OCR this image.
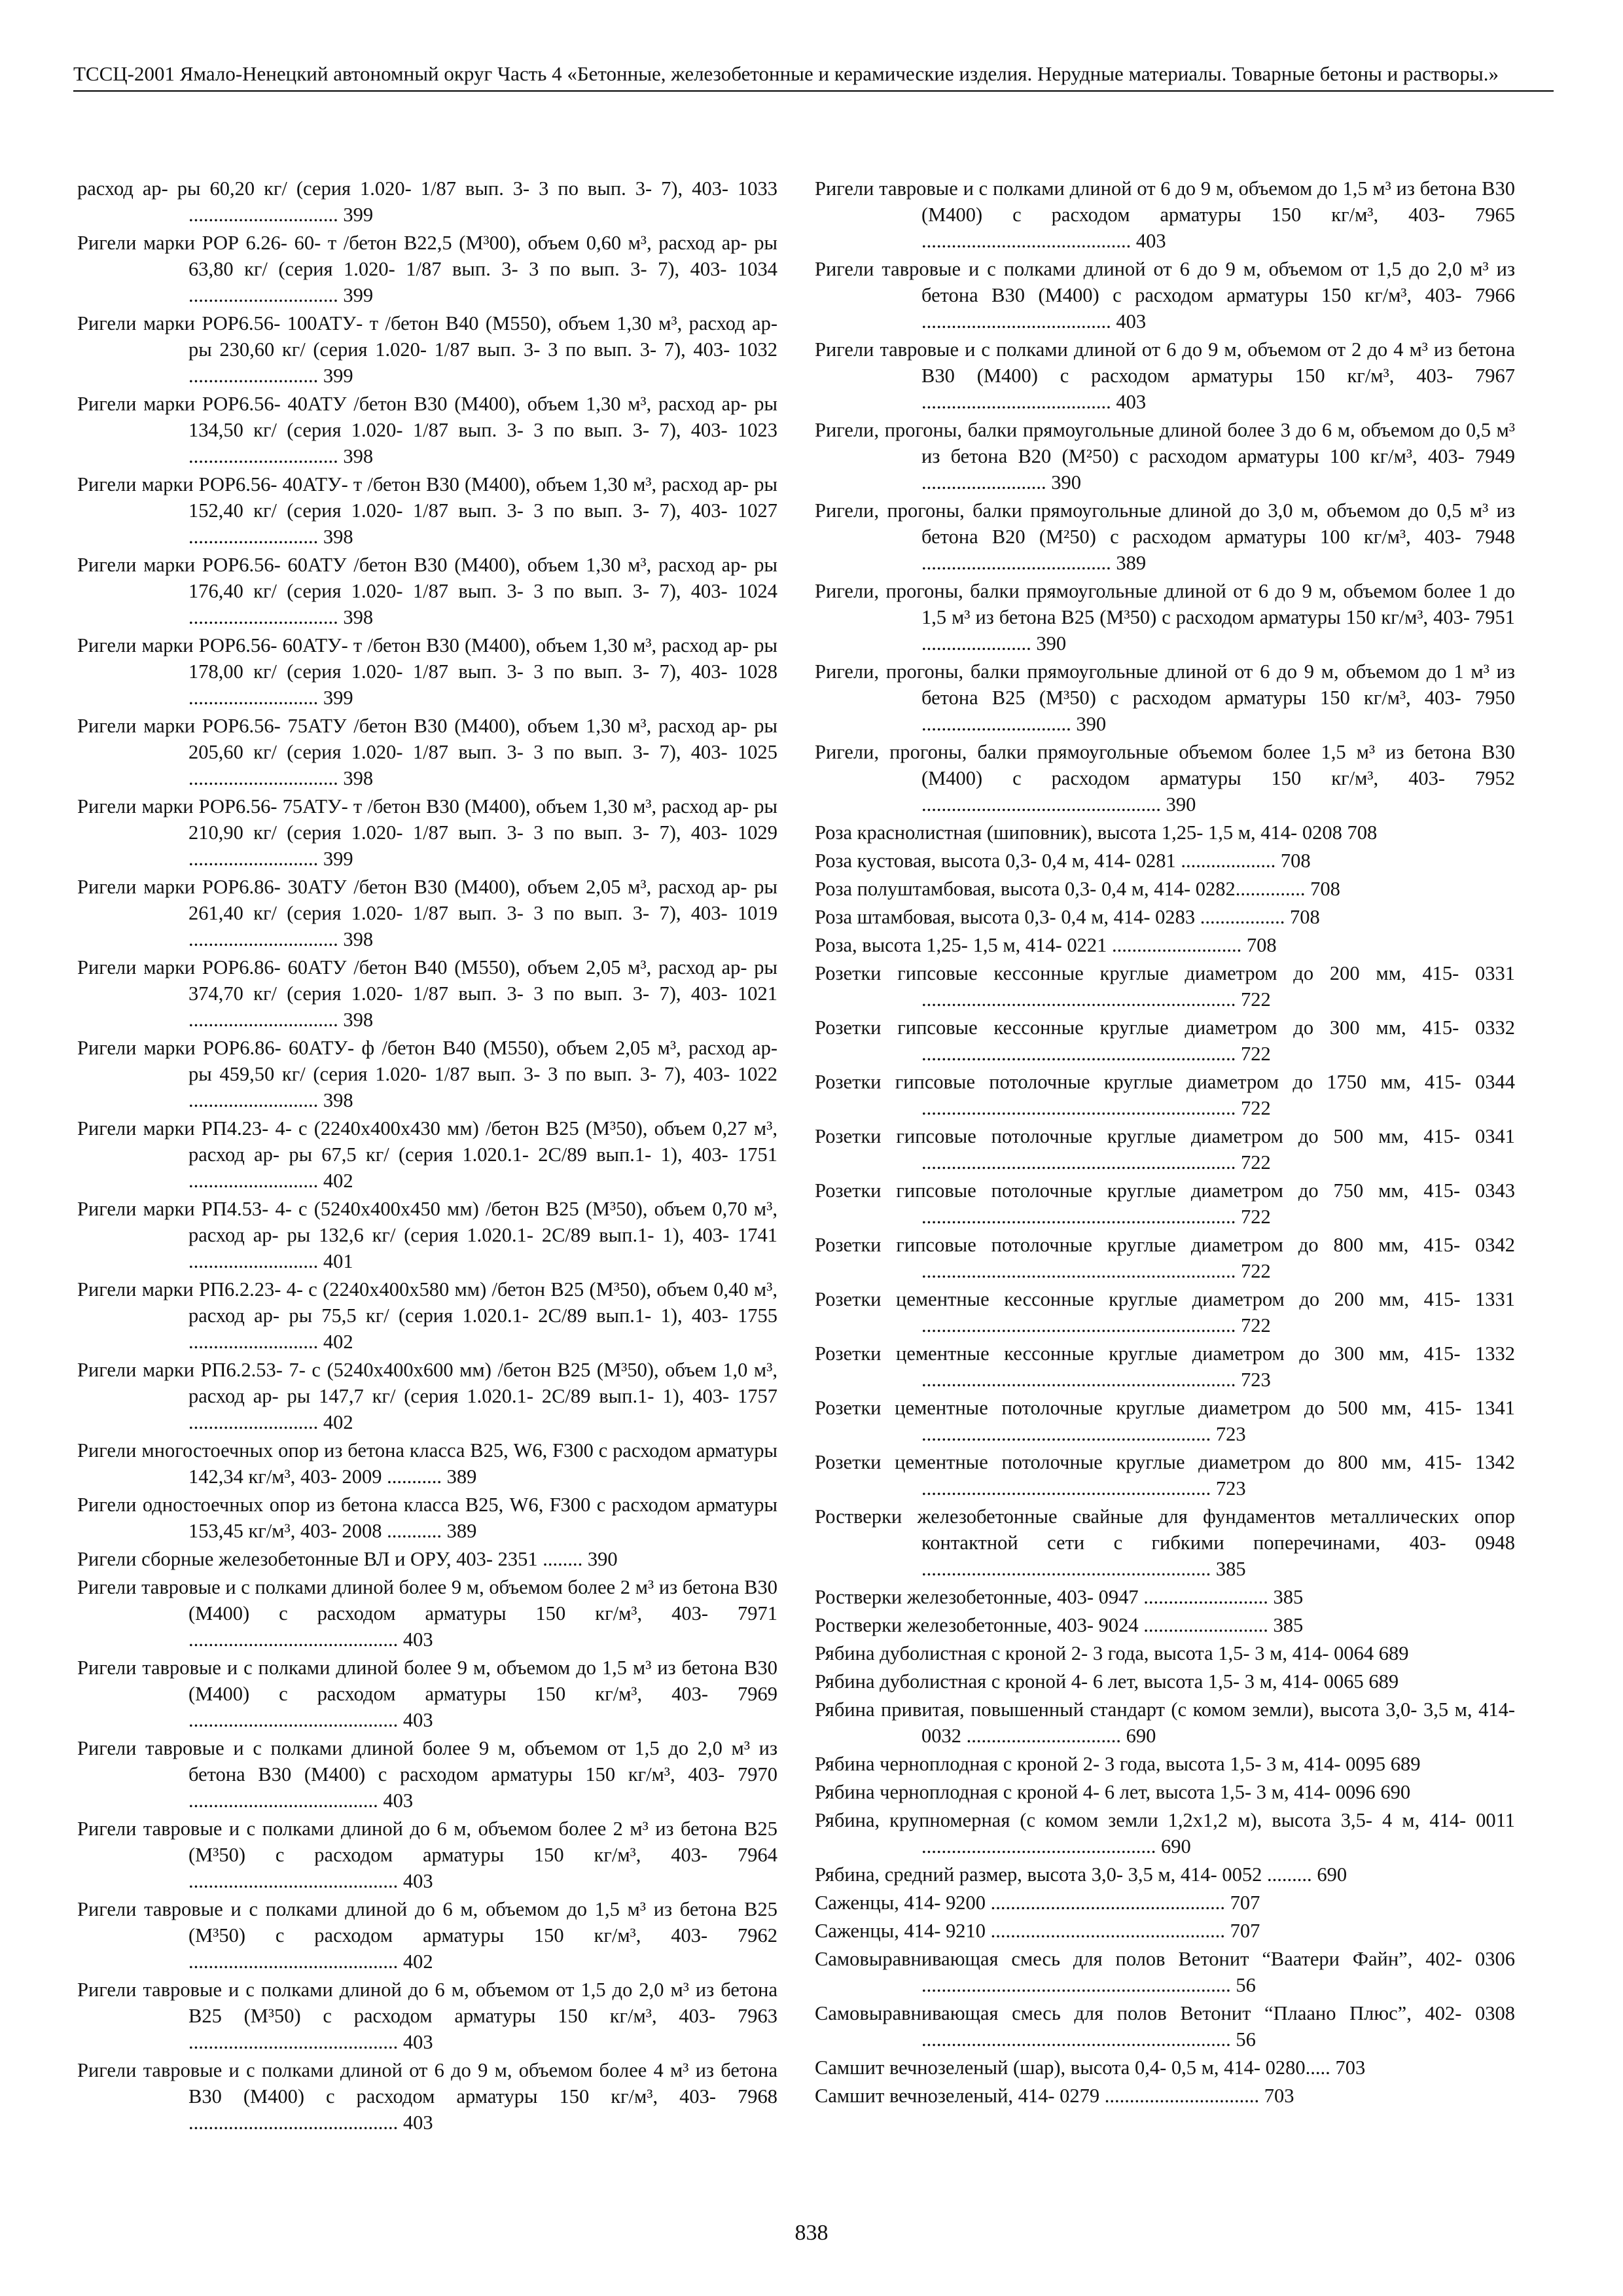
ТССЦ-2001 Ямало-Ненецкий автономный округ Часть 4 «Бетонные, железобетонные и керамические изделия. Нерудные материалы. Товарные бетоны и растворы.»

расход ар- ры 60,20 кг/ (серия 1.020- 1/87 вып. 3- 3 по вып. 3- 7), 403- 1033 .............................. 399

Ригели марки РОР 6.26- 60- т /бетон В22,5 (М³00), объем 0,60 м³, расход ар- ры 63,80 кг/ (серия 1.020- 1/87 вып. 3- 3 по вып. 3- 7), 403- 1034 .............................. 399

Ригели марки РОР6.56- 100АТУ- т /бетон В40 (М550), объем 1,30 м³, расход ар- ры 230,60 кг/ (серия 1.020- 1/87 вып. 3- 3 по вып. 3- 7), 403- 1032 .......................... 399

Ригели марки РОР6.56- 40АТУ /бетон В30 (М400), объем 1,30 м³, расход ар- ры 134,50 кг/ (серия 1.020- 1/87 вып. 3- 3 по вып. 3- 7), 403- 1023 .............................. 398

Ригели марки РОР6.56- 40АТУ- т /бетон В30 (М400), объем 1,30 м³, расход ар- ры 152,40 кг/ (серия 1.020- 1/87 вып. 3- 3 по вып. 3- 7), 403- 1027 .......................... 398

Ригели марки РОР6.56- 60АТУ /бетон В30 (М400), объем 1,30 м³, расход ар- ры 176,40 кг/ (серия 1.020- 1/87 вып. 3- 3 по вып. 3- 7), 403- 1024 .............................. 398

Ригели марки РОР6.56- 60АТУ- т /бетон В30 (М400), объем 1,30 м³, расход ар- ры 178,00 кг/ (серия 1.020- 1/87 вып. 3- 3 по вып. 3- 7), 403- 1028 .......................... 399

Ригели марки РОР6.56- 75АТУ /бетон В30 (М400), объем 1,30 м³, расход ар- ры 205,60 кг/ (серия 1.020- 1/87 вып. 3- 3 по вып. 3- 7), 403- 1025 .............................. 398

Ригели марки РОР6.56- 75АТУ- т /бетон В30 (М400), объем 1,30 м³, расход ар- ры 210,90 кг/ (серия 1.020- 1/87 вып. 3- 3 по вып. 3- 7), 403- 1029 .......................... 399

Ригели марки РОР6.86- 30АТУ /бетон В30 (М400), объем 2,05 м³, расход ар- ры 261,40 кг/ (серия 1.020- 1/87 вып. 3- 3 по вып. 3- 7), 403- 1019 .............................. 398

Ригели марки РОР6.86- 60АТУ /бетон В40 (М550), объем 2,05 м³, расход ар- ры 374,70 кг/ (серия 1.020- 1/87 вып. 3- 3 по вып. 3- 7), 403- 1021 .............................. 398

Ригели марки РОР6.86- 60АТУ- ф /бетон В40 (М550), объем 2,05 м³, расход ар- ры 459,50 кг/ (серия 1.020- 1/87 вып. 3- 3 по вып. 3- 7), 403- 1022 .......................... 398

Ригели марки РП4.23- 4- с (2240х400х430 мм) /бетон В25 (М³50), объем 0,27 м³, расход ар- ры 67,5 кг/ (серия 1.020.1- 2С/89 вып.1- 1), 403- 1751 .......................... 402

Ригели марки РП4.53- 4- с (5240х400х450 мм) /бетон В25 (М³50), объем 0,70 м³, расход ар- ры 132,6 кг/ (серия 1.020.1- 2С/89 вып.1- 1), 403- 1741 .......................... 401

Ригели марки РП6.2.23- 4- с (2240х400х580 мм) /бетон В25 (М³50), объем 0,40 м³, расход ар- ры 75,5 кг/ (серия 1.020.1- 2С/89 вып.1- 1), 403- 1755 .......................... 402

Ригели марки РП6.2.53- 7- с (5240х400х600 мм) /бетон В25 (М³50), объем 1,0 м³, расход ар- ры 147,7 кг/ (серия 1.020.1- 2С/89 вып.1- 1), 403- 1757 .......................... 402

Ригели многостоечных опор из бетона класса В25, W6, F300 с расходом арматуры 142,34 кг/м³, 403- 2009 ........... 389

Ригели одностоечных опор из бетона класса В25, W6, F300 с расходом арматуры 153,45 кг/м³, 403- 2008 ........... 389

Ригели сборные железобетонные ВЛ и ОРУ, 403- 2351 ........ 390

Ригели тавровые и с полками длиной более 9 м, объемом более 2 м³ из бетона В30 (М400) с расходом арматуры 150 кг/м³, 403- 7971 .......................................... 403

Ригели тавровые и с полками длиной более 9 м, объемом до 1,5 м³ из бетона В30 (М400) с расходом арматуры 150 кг/м³, 403- 7969 .......................................... 403

Ригели тавровые и с полками длиной более 9 м, объемом от 1,5 до 2,0 м³ из бетона В30 (М400) с расходом арматуры 150 кг/м³, 403- 7970 ...................................... 403

Ригели тавровые и с полками длиной до 6 м, объемом более 2 м³ из бетона В25 (М³50) с расходом арматуры 150 кг/м³, 403- 7964 .......................................... 403

Ригели тавровые и с полками длиной до 6 м, объемом до 1,5 м³ из бетона В25 (М³50) с расходом арматуры 150 кг/м³, 403- 7962 .......................................... 402

Ригели тавровые и с полками длиной до 6 м, объемом от 1,5 до 2,0 м³ из бетона В25 (М³50) с расходом арматуры 150 кг/м³, 403- 7963 .......................................... 403

Ригели тавровые и с полками длиной от 6 до 9 м, объемом более 4 м³ из бетона В30 (М400) с расходом арматуры 150 кг/м³, 403- 7968 .......................................... 403

Ригели тавровые и с полками длиной от 6 до 9 м, объемом до 1,5 м³ из бетона В30 (М400) с расходом арматуры 150 кг/м³, 403- 7965 .......................................... 403

Ригели тавровые и с полками длиной от 6 до 9 м, объемом от 1,5 до 2,0 м³ из бетона В30 (М400) с расходом арматуры 150 кг/м³, 403- 7966 ...................................... 403

Ригели тавровые и с полками длиной от 6 до 9 м, объемом от 2 до 4 м³ из бетона В30 (М400) с расходом арматуры 150 кг/м³, 403- 7967 ...................................... 403

Ригели, прогоны, балки прямоугольные длиной более 3 до 6 м, объемом до 0,5 м³ из бетона В20 (М²50) с расходом арматуры 100 кг/м³, 403- 7949 ......................... 390

Ригели, прогоны, балки прямоугольные длиной до 3,0 м, объемом до 0,5 м³ из бетона В20 (М²50) с расходом арматуры 100 кг/м³, 403- 7948 ...................................... 389

Ригели, прогоны, балки прямоугольные длиной от 6 до 9 м, объемом более 1 до 1,5 м³ из бетона В25 (М³50) с расходом арматуры 150 кг/м³, 403- 7951 ...................... 390

Ригели, прогоны, балки прямоугольные длиной от 6 до 9 м, объемом до 1 м³ из бетона В25 (М³50) с расходом арматуры 150 кг/м³, 403- 7950 .............................. 390

Ригели, прогоны, балки прямоугольные объемом более 1,5 м³ из бетона В30 (М400) с расходом арматуры 150 кг/м³, 403- 7952 ................................................ 390

Роза краснолистная (шиповник), высота 1,25- 1,5 м, 414- 0208 708

Роза кустовая, высота 0,3- 0,4 м, 414- 0281 ................... 708

Роза полуштамбовая, высота 0,3- 0,4 м, 414- 0282.............. 708

Роза штамбовая, высота 0,3- 0,4 м, 414- 0283 ................. 708

Роза, высота 1,25- 1,5 м, 414- 0221 .......................... 708

Розетки гипсовые кессонные круглые диаметром до 200 мм, 415- 0331 ............................................................... 722

Розетки гипсовые кессонные круглые диаметром до 300 мм, 415- 0332 ............................................................... 722

Розетки гипсовые потолочные круглые диаметром до 1750 мм, 415- 0344 ............................................................... 722

Розетки гипсовые потолочные круглые диаметром до 500 мм, 415- 0341 ............................................................... 722

Розетки гипсовые потолочные круглые диаметром до 750 мм, 415- 0343 ............................................................... 722

Розетки гипсовые потолочные круглые диаметром до 800 мм, 415- 0342 ............................................................... 722

Розетки цементные кессонные круглые диаметром до 200 мм, 415- 1331 ............................................................... 722

Розетки цементные кессонные круглые диаметром до 300 мм, 415- 1332 ............................................................... 723

Розетки цементные потолочные круглые диаметром до 500 мм, 415- 1341 .......................................................... 723

Розетки цементные потолочные круглые диаметром до 800 мм, 415- 1342 .......................................................... 723

Ростверки железобетонные свайные для фундаментов металлических опор контактной сети с гибкими поперечинами, 403- 0948 .......................................................... 385

Ростверки железобетонные, 403- 0947 ......................... 385

Ростверки железобетонные, 403- 9024 ......................... 385

Рябина дуболистная с кроной 2- 3 года, высота 1,5- 3 м, 414- 0064 689

Рябина дуболистная с кроной 4- 6 лет, высота 1,5- 3 м, 414- 0065 689

Рябина привитая, повышенный стандарт (с комом земли), высота 3,0- 3,5 м, 414- 0032 ............................... 690

Рябина черноплодная с кроной 2- 3 года, высота 1,5- 3 м, 414- 0095 689

Рябина черноплодная с кроной 4- 6 лет, высота 1,5- 3 м, 414- 0096 690

Рябина, крупномерная (с комом земли 1,2х1,2 м), высота 3,5- 4 м, 414- 0011 ............................................... 690

Рябина, средний размер, высота 3,0- 3,5 м, 414- 0052 ......... 690

Саженцы, 414- 9200 ............................................... 707

Саженцы, 414- 9210 ............................................... 707

Самовыравнивающая смесь для полов Ветонит “Ваатери Файн”, 402- 0306 .............................................................. 56

Самовыравнивающая смесь для полов Ветонит “Плаано Плюс”, 402- 0308 .............................................................. 56

Самшит вечнозеленый (шар), высота 0,4- 0,5 м, 414- 0280..... 703

Самшит вечнозеленый, 414- 0279 ............................... 703

838
